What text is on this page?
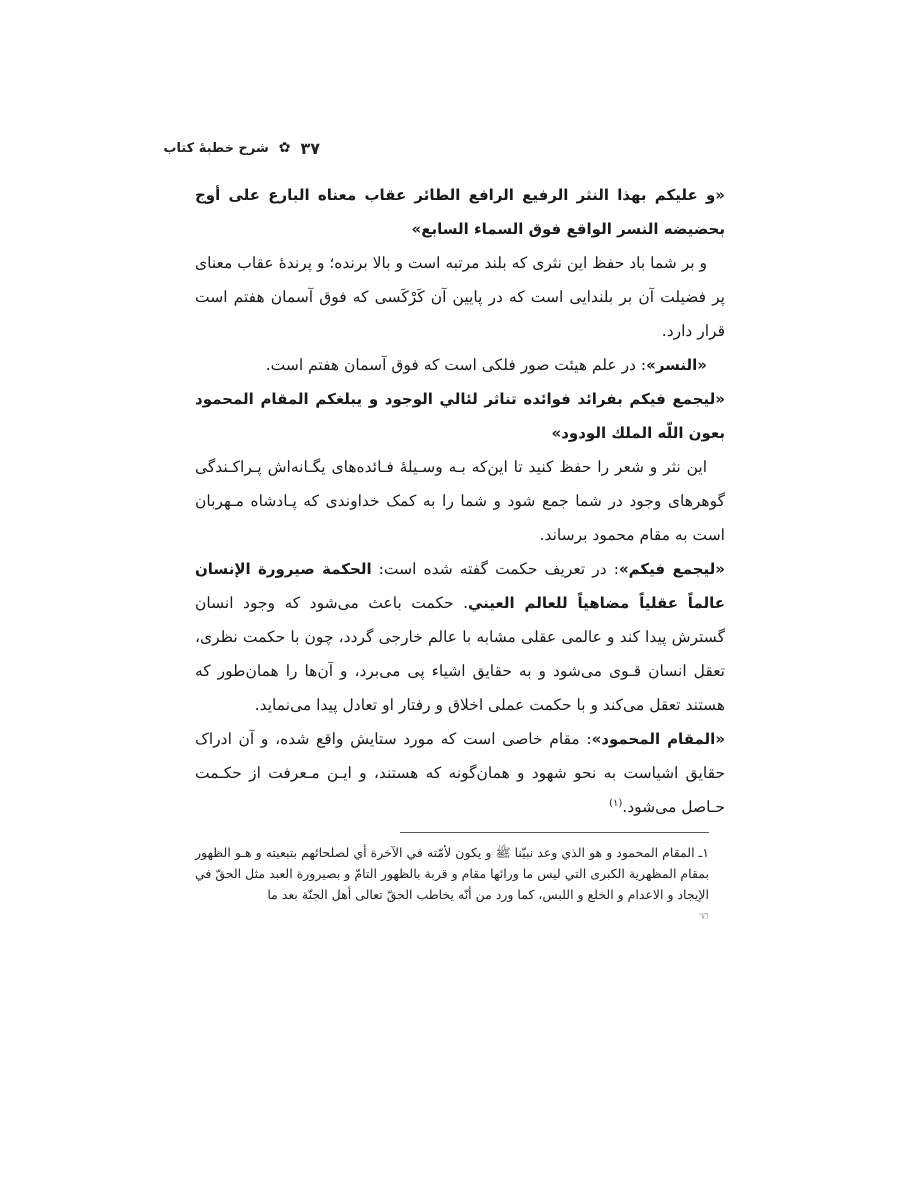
۳۷
✿
شرح خطبهٔ کتاب

«و عليكم بهذا النثر الرفيع الرافع الطائر عقاب معناه البارع على أوج بحضيضه النسر الواقع فوق السماء السابع»

و بر شما باد حفظ این نثری که بلند مرتبه است و بالا برنده؛ و پرندهٔ عقاب معنای پر فضیلت آن بر بلندایی است که در پایین آن کَرْکَسی که فوق آسمان هفتم است قرار دارد.

«النسر»: در علم هیئت صور فلکی است که فوق آسمان هفتم است.

«ليجمع فيكم بفرائد فوائده تناثر لئالي الوجود و يبلغكم المقام المحمود بعون اللّه الملك الودود»

این نثر و شعر را حفظ کنید تا این‌که بـه وسـیلهٔ فـائده‌های یگـانه‌اش پـراکـندگی گوهرهای وجود در شما جمع شود و شما را به کمک خداوندی که پـادشاه مـهربان است به مقام محمود برساند.

«ليجمع فيكم»: در تعریف حکمت گفته شده است: الحكمة صيرورة الإنسان عالماً عقلياً مضاهياً للعالم العيني. حکمت باعث می‌شود که وجود انسان گسترش پیدا کند و عالمی عقلی مشابه با عالم خارجی گردد، چون با حکمت نظری، تعقل انسان قـوی می‌شود و به حقایق اشیاء پی می‌برد، و آن‌ها را همان‌طور که هستند تعقل می‌کند و با حکمت عملی اخلاق و رفتار او تعادل پیدا می‌نماید.

«المقام المحمود»: مقام خاصی است که مورد ستایش واقع شده، و آن ادراک حقایق اشیاست به نحو شهود و همان‌گونه که هستند، و ایـن مـعرفت از حکـمت حـاصل می‌شود.$^{(۱)}$

۱ـ المقام المحمود و هو الذي وعد نبيّنا ﷺ و يكون لأمّته في الآخرة أي لصلحائهم بتبعيته و هـو الظهور بمقام المظهرية الكبرى التي ليس ما ورائها مقام و قربة بالظهور التامّ و بصيرورة العبد مثل الحقّ في الإيجاد و الاعدام و الخلع و اللبس، كما ورد من أنّه يخاطب الحقّ تعالى أهل الجنّة بعد ما
☜
